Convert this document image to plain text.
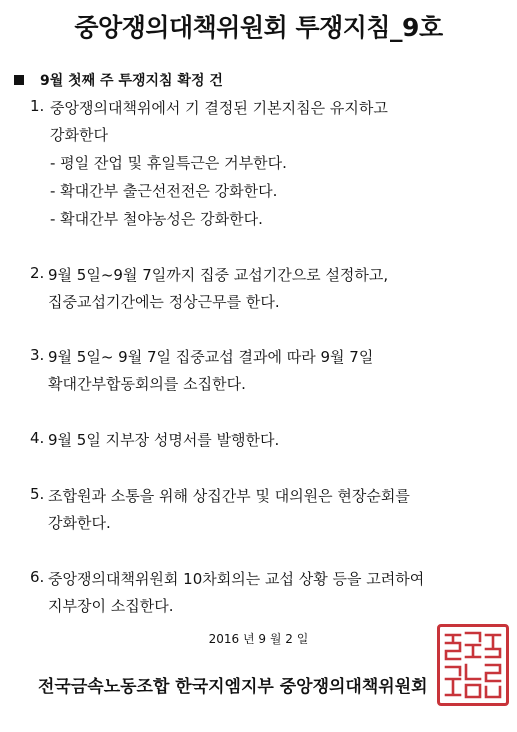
중앙쟁의대책위원회 투쟁지침_9호
9월 첫째 주 투쟁지침 확정 건
1. 중앙쟁의대책위에서 기 결정된 기본지침은 유지하고
강화한다
- 평일 잔업 및 휴일특근은 거부한다.
- 확대간부 출근선전전은 강화한다.
- 확대간부 철야농성은 강화한다.
2. 9월 5일~9월 7일까지 집중 교섭기간으로 설정하고,
집중교섭기간에는 정상근무를 한다.
3. 9월 5일~ 9월 7일 집중교섭 결과에 따라 9월 7일
확대간부합동회의를 소집한다.
4. 9월 5일 지부장 성명서를 발행한다.
5. 조합원과 소통을 위해 상집간부 및 대의원은 현장순회를
강화한다.
6. 중앙쟁의대책위원회 10차회의는 교섭 상황 등을 고려하여
지부장이 소집한다.
2016 년 9 월 2 일
전국금속노동조합 한국지엠지부 중앙쟁의대책위원회
